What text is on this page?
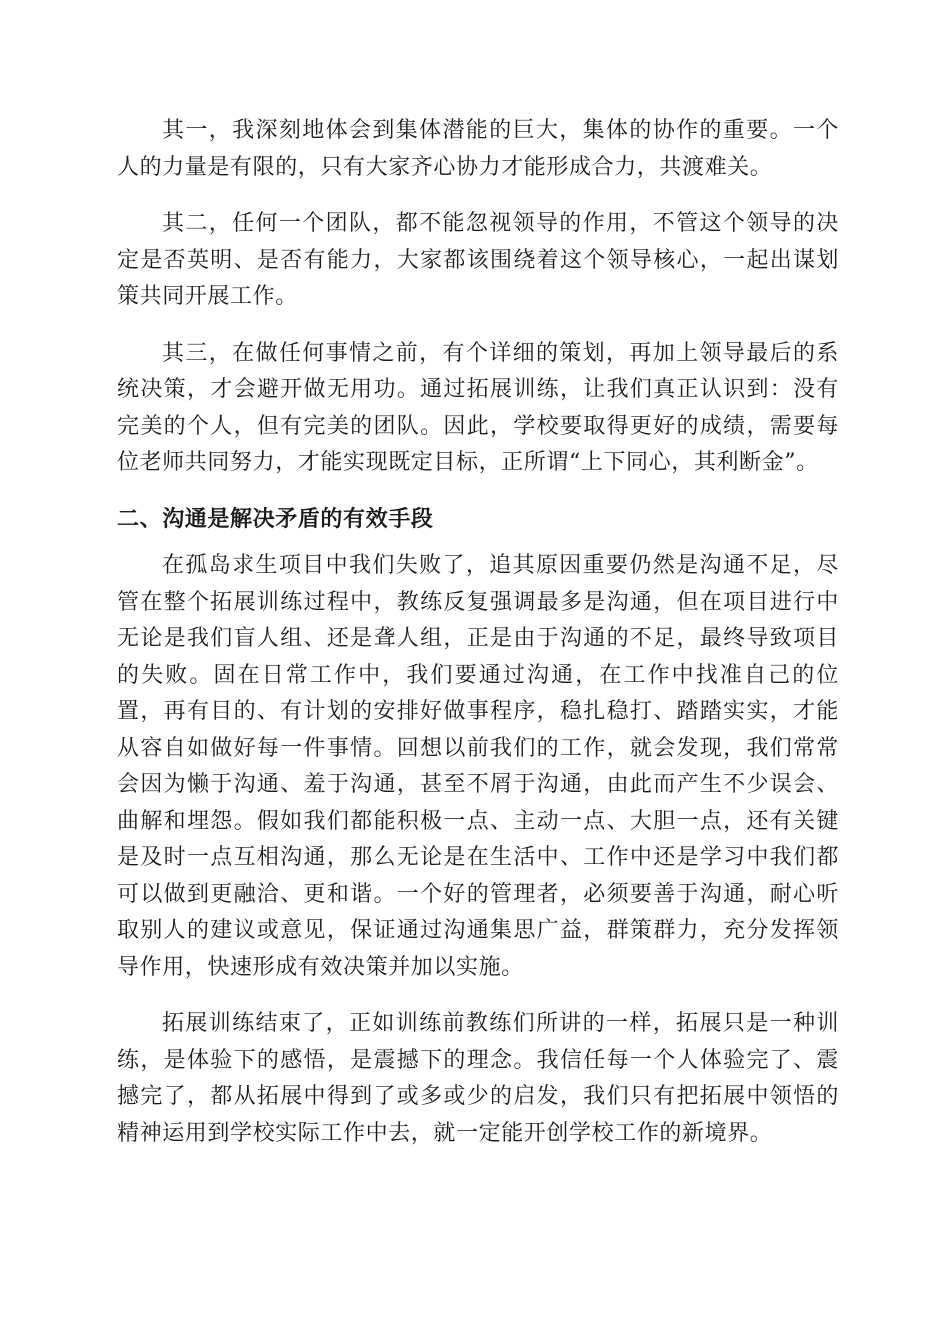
其一，我深刻地体会到集体潜能的巨大，集体的协作的重要。一个人的力量是有限的，只有大家齐心协力才能形成合力，共渡难关。

其二，任何一个团队，都不能忽视领导的作用，不管这个领导的决定是否英明、是否有能力，大家都该围绕着这个领导核心，一起出谋划策共同开展工作。

其三，在做任何事情之前，有个详细的策划，再加上领导最后的系统决策，才会避开做无用功。通过拓展训练，让我们真正认识到：没有完美的个人，但有完美的团队。因此，学校要取得更好的成绩，需要每位老师共同努力，才能实现既定目标，正所谓“上下同心，其利断金”。

二、沟通是解决矛盾的有效手段

在孤岛求生项目中我们失败了，追其原因重要仍然是沟通不足，尽管在整个拓展训练过程中，教练反复强调最多是沟通，但在项目进行中无论是我们盲人组、还是聋人组，正是由于沟通的不足，最终导致项目的失败。固在日常工作中，我们要通过沟通，在工作中找准自己的位置，再有目的、有计划的安排好做事程序，稳扎稳打、踏踏实实，才能从容自如做好每一件事情。回想以前我们的工作，就会发现，我们常常会因为懒于沟通、羞于沟通，甚至不屑于沟通，由此而产生不少误会、曲解和埋怨。假如我们都能积极一点、主动一点、大胆一点，还有关键是及时一点互相沟通，那么无论是在生活中、工作中还是学习中我们都可以做到更融洽、更和谐。一个好的管理者，必须要善于沟通，耐心听取别人的建议或意见，保证通过沟通集思广益，群策群力，充分发挥领导作用，快速形成有效决策并加以实施。

拓展训练结束了，正如训练前教练们所讲的一样，拓展只是一种训练，是体验下的感悟，是震撼下的理念。我信任每一个人体验完了、震撼完了，都从拓展中得到了或多或少的启发，我们只有把拓展中领悟的精神运用到学校实际工作中去，就一定能开创学校工作的新境界。
